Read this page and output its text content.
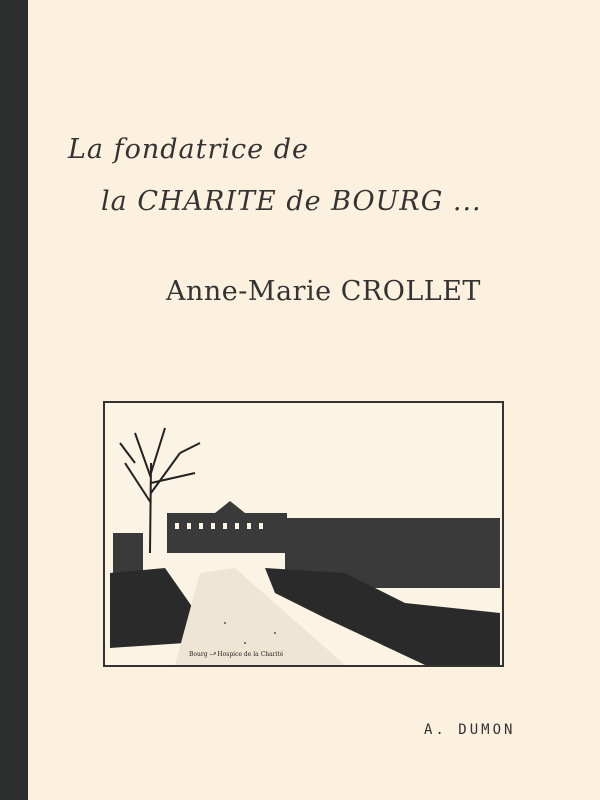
La fondatrice de
la CHARITE de BOURG ...
Anne-Marie CROLLET
Bourg — Hospice de la Charité
A. DUMON
